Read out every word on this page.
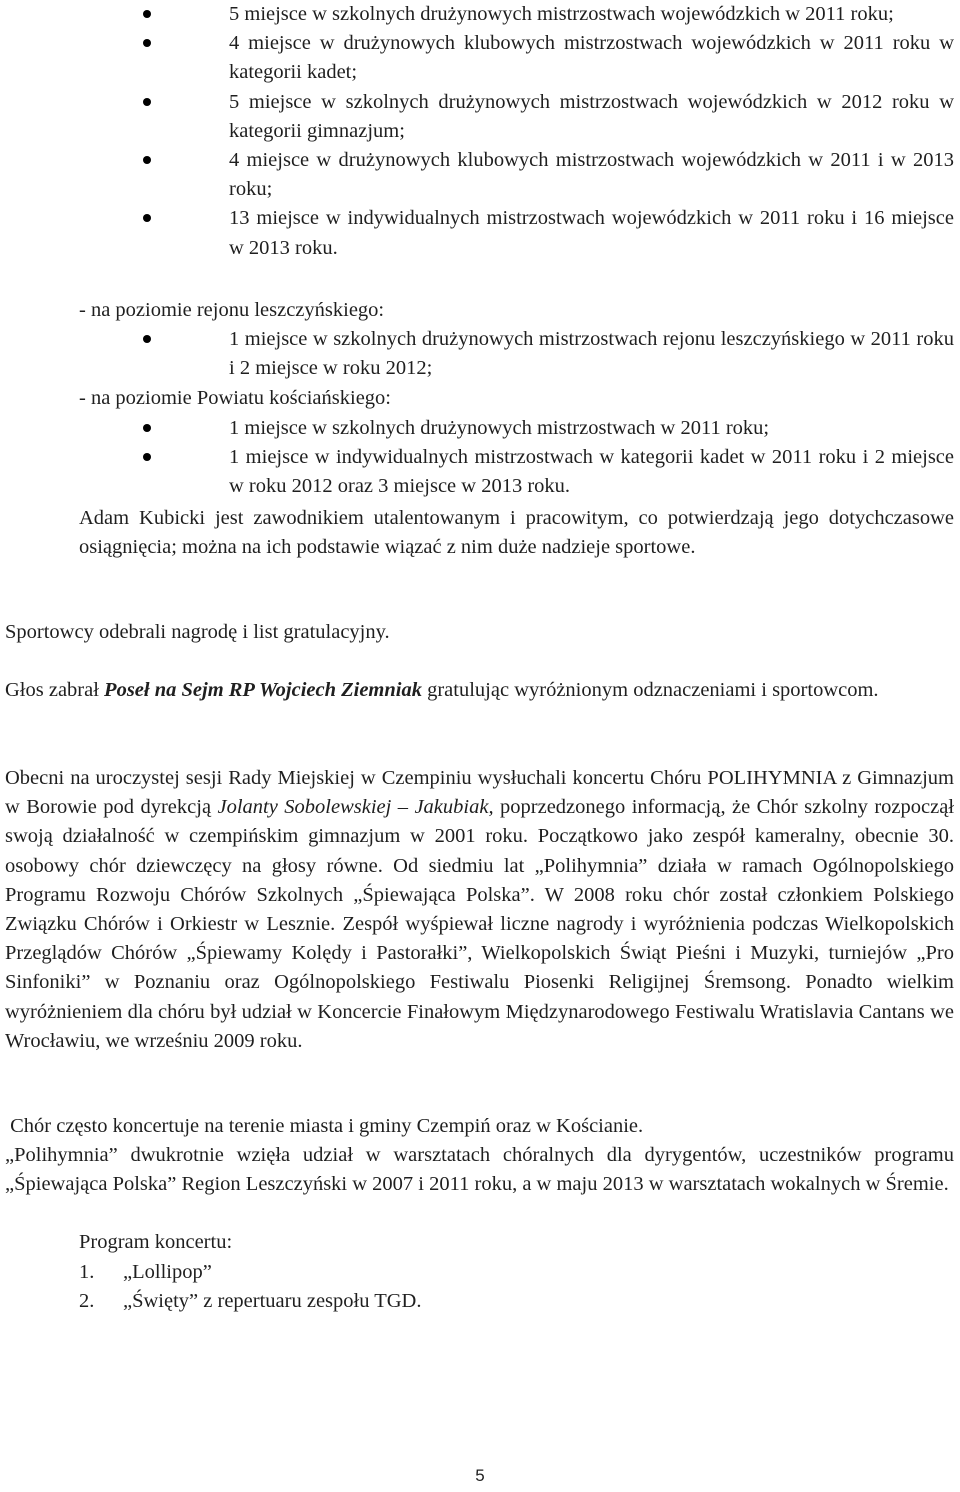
5 miejsce w szkolnych drużynowych mistrzostwach wojewódzkich w 2011 roku;
4 miejsce w drużynowych klubowych mistrzostwach wojewódzkich w 2011 roku w kategorii kadet;
5 miejsce w szkolnych drużynowych mistrzostwach wojewódzkich w 2012 roku w kategorii gimnazjum;
4 miejsce w drużynowych klubowych mistrzostwach wojewódzkich w 2011 i w 2013 roku;
13 miejsce w indywidualnych mistrzostwach wojewódzkich w 2011 roku i 16 miejsce w 2013 roku.
- na poziomie rejonu leszczyńskiego:
1 miejsce w szkolnych drużynowych mistrzostwach rejonu leszczyńskiego w 2011 roku i 2 miejsce w roku 2012;
- na poziomie Powiatu kościańskiego:
1 miejsce w szkolnych drużynowych mistrzostwach w 2011 roku;
1 miejsce w indywidualnych mistrzostwach w kategorii kadet w 2011 roku i 2 miejsce w roku 2012 oraz 3 miejsce w 2013 roku.
Adam Kubicki jest zawodnikiem utalentowanym i pracowitym, co potwierdzają jego dotychczasowe osiągnięcia; można na ich podstawie wiązać z nim duże nadzieje sportowe.
Sportowcy odebrali nagrodę i list gratulacyjny.
Głos zabrał Poseł na Sejm RP Wojciech Ziemniak gratulując wyróżnionym odznaczeniami i sportowcom.
Obecni na uroczystej sesji Rady Miejskiej w Czempiniu wysłuchali koncertu Chóru POLIHYMNIA z Gimnazjum w Borowie pod dyrekcją Jolanty Sobolewskiej – Jakubiak, poprzedzonego informacją, że Chór szkolny rozpoczął swoją działalność w czempińskim gimnazjum w 2001 roku. Początkowo jako zespół kameralny, obecnie 30. osobowy chór dziewczęcy na głosy równe. Od siedmiu lat „Polihymnia” działa w ramach Ogólnopolskiego Programu Rozwoju Chórów Szkolnych „Śpiewająca Polska”. W 2008 roku chór został członkiem Polskiego Związku Chórów i Orkiestr w Lesznie. Zespół wyśpiewał liczne nagrody i wyróżnienia podczas Wielkopolskich Przeglądów Chórów „Śpiewamy Kolędy i Pastorałki”, Wielkopolskich Świąt Pieśni i Muzyki, turniejów „Pro Sinfoniki” w Poznaniu oraz Ogólnopolskiego Festiwalu Piosenki Religijnej Śremsong. Ponadto wielkim wyróżnieniem dla chóru był udział w Koncercie Finałowym Międzynarodowego Festiwalu Wratislavia Cantans we Wrocławiu, we wrześniu 2009 roku.
Chór często koncertuje na terenie miasta i gminy Czempiń oraz w Kościanie.
„Polihymnia” dwukrotnie wzięła udział w warsztatach chóralnych dla dyrygentów, uczestników programu „Śpiewająca Polska” Region Leszczyński w 2007 i 2011 roku, a w maju 2013 w warsztatach wokalnych w Śremie.
Program koncertu:
1. „Lollipop”
2. „Święty” z repertuaru zespołu TGD.
5
